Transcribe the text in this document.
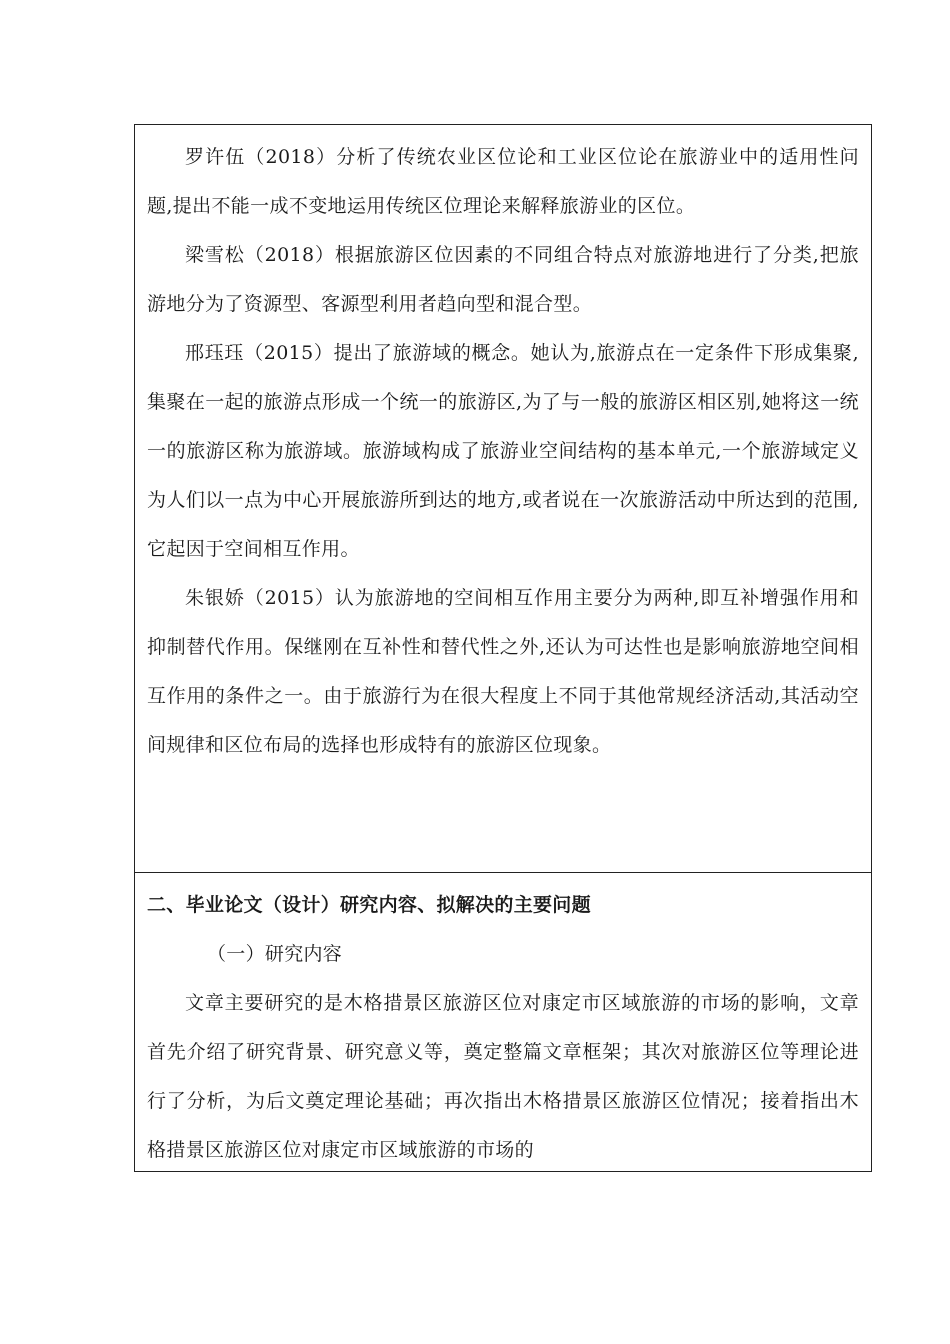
罗许伍（2018）分析了传统农业区位论和工业区位论在旅游业中的适用性问题,提出不能一成不变地运用传统区位理论来解释旅游业的区位。

梁雪松（2018）根据旅游区位因素的不同组合特点对旅游地进行了分类,把旅游地分为了资源型、客源型利用者趋向型和混合型。

邢珏珏（2015）提出了旅游域的概念。她认为,旅游点在一定条件下形成集聚,集聚在一起的旅游点形成一个统一的旅游区,为了与一般的旅游区相区别,她将这一统一的旅游区称为旅游域。旅游域构成了旅游业空间结构的基本单元,一个旅游域定义为人们以一点为中心开展旅游所到达的地方,或者说在一次旅游活动中所达到的范围,它起因于空间相互作用。

朱银娇（2015）认为旅游地的空间相互作用主要分为两种,即互补增强作用和抑制替代作用。保继刚在互补性和替代性之外,还认为可达性也是影响旅游地空间相互作用的条件之一。由于旅游行为在很大程度上不同于其他常规经济活动,其活动空间规律和区位布局的选择也形成特有的旅游区位现象。

二、毕业论文（设计）研究内容、拟解决的主要问题

（一）研究内容

文章主要研究的是木格措景区旅游区位对康定市区域旅游的市场的影响，文章首先介绍了研究背景、研究意义等，奠定整篇文章框架；其次对旅游区位等理论进行了分析，为后文奠定理论基础；再次指出木格措景区旅游区位情况；接着指出木格措景区旅游区位对康定市区域旅游的市场的
